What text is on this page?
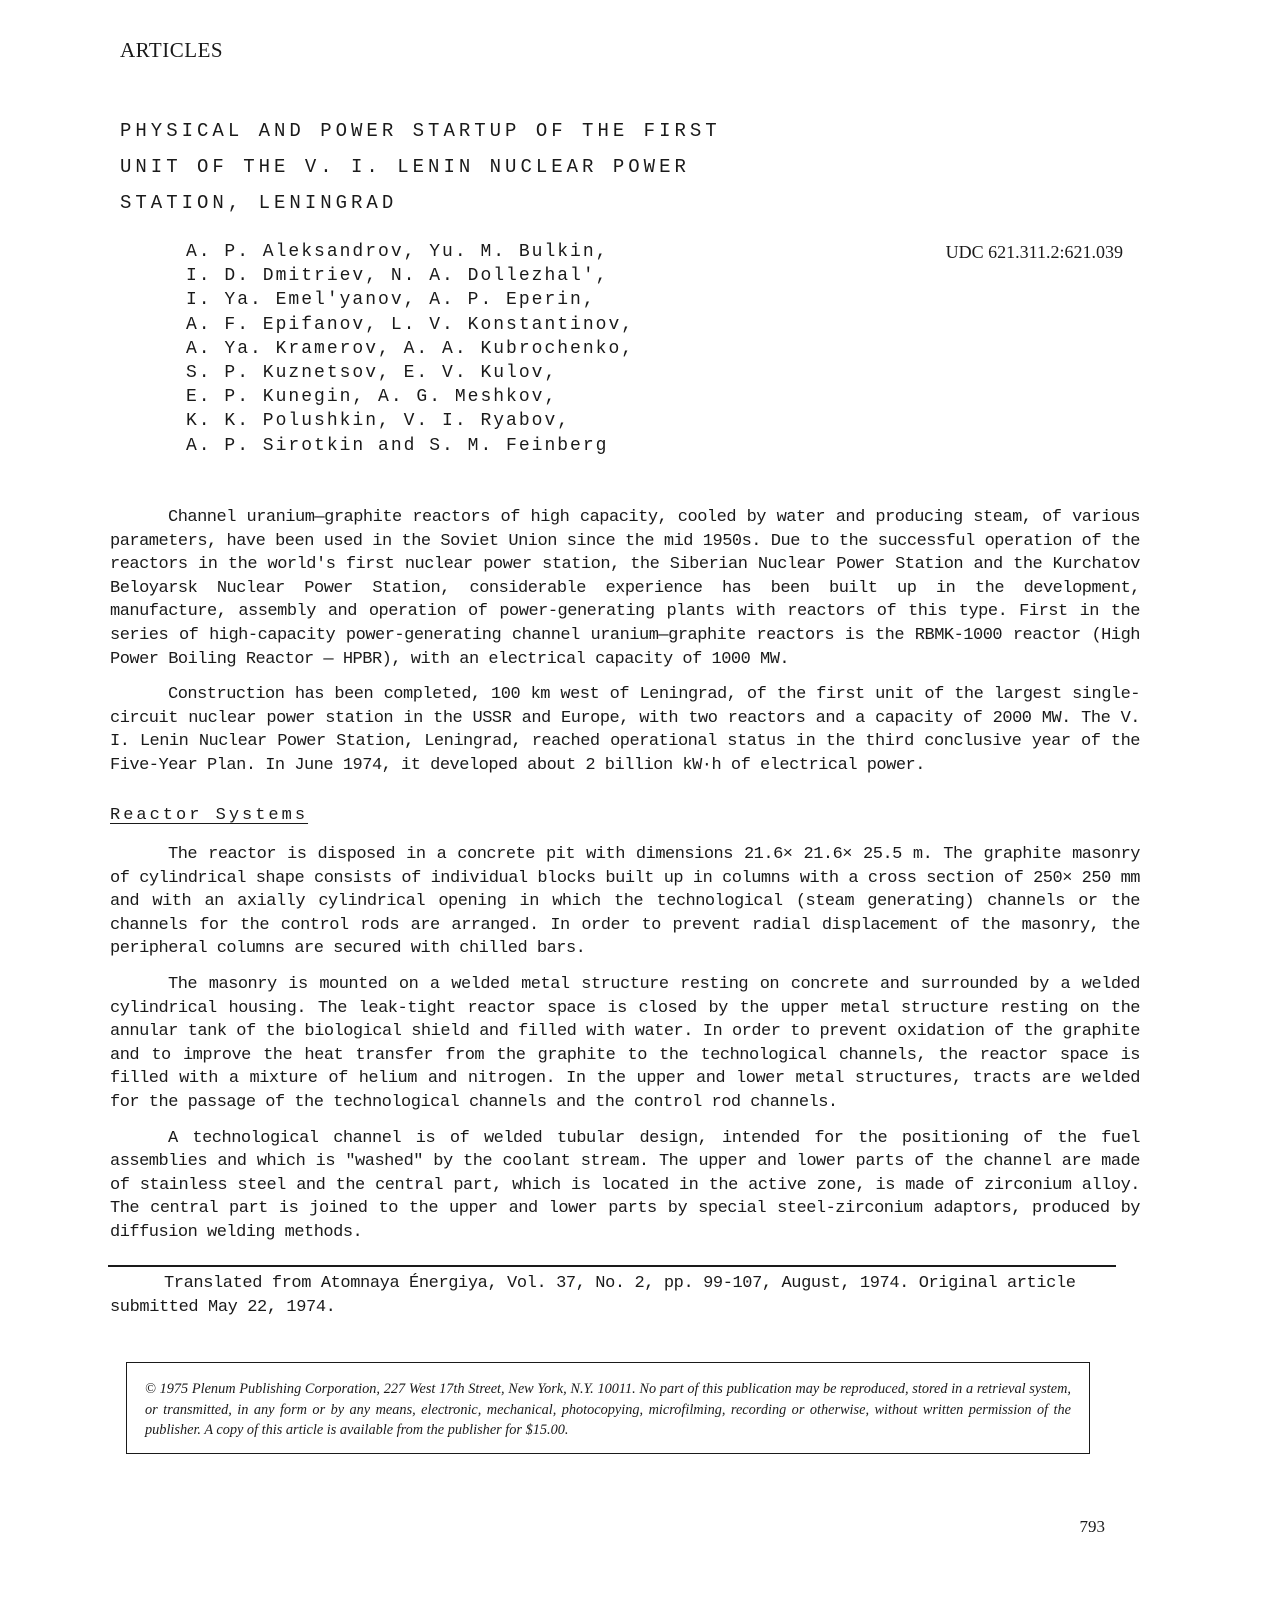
ARTICLES
PHYSICAL AND POWER STARTUP OF THE FIRST
UNIT OF THE V. I. LENIN NUCLEAR POWER
STATION, LENINGRAD
A. P. Aleksandrov, Yu. M. Bulkin,
I. D. Dmitriev, N. A. Dollezhal',
I. Ya. Emel'yanov, A. P. Eperin,
A. F. Epifanov, L. V. Konstantinov,
A. Ya. Kramerov, A. A. Kubrochenko,
S. P. Kuznetsov, E. V. Kulov,
E. P. Kunegin, A. G. Meshkov,
K. K. Polushkin, V. I. Ryabov,
A. P. Sirotkin and S. M. Feinberg
UDC 621.311.2:621.039

Channel uranium—graphite reactors of high capacity, cooled by water and producing steam, of various parameters, have been used in the Soviet Union since the mid 1950s. Due to the successful operation of the reactors in the world's first nuclear power station, the Siberian Nuclear Power Station and the Kurchatov Beloyarsk Nuclear Power Station, considerable experience has been built up in the development, manufacture, assembly and operation of power-generating plants with reactors of this type. First in the series of high-capacity power-generating channel uranium—graphite reactors is the RBMK-1000 reactor (High Power Boiling Reactor — HPBR), with an electrical capacity of 1000 MW.

Construction has been completed, 100 km west of Leningrad, of the first unit of the largest single-circuit nuclear power station in the USSR and Europe, with two reactors and a capacity of 2000 MW. The V. I. Lenin Nuclear Power Station, Leningrad, reached operational status in the third conclusive year of the Five-Year Plan. In June 1974, it developed about 2 billion kW·h of electrical power.

Reactor Systems

The reactor is disposed in a concrete pit with dimensions 21.6× 21.6× 25.5 m. The graphite masonry of cylindrical shape consists of individual blocks built up in columns with a cross section of 250× 250 mm and with an axially cylindrical opening in which the technological (steam generating) channels or the channels for the control rods are arranged. In order to prevent radial displacement of the masonry, the peripheral columns are secured with chilled bars.

The masonry is mounted on a welded metal structure resting on concrete and surrounded by a welded cylindrical housing. The leak-tight reactor space is closed by the upper metal structure resting on the annular tank of the biological shield and filled with water. In order to prevent oxidation of the graphite and to improve the heat transfer from the graphite to the technological channels, the reactor space is filled with a mixture of helium and nitrogen. In the upper and lower metal structures, tracts are welded for the passage of the technological channels and the control rod channels.

A technological channel is of welded tubular design, intended for the positioning of the fuel assemblies and which is "washed" by the coolant stream. The upper and lower parts of the channel are made of stainless steel and the central part, which is located in the active zone, is made of zirconium alloy. The central part is joined to the upper and lower parts by special steel-zirconium adaptors, produced by diffusion welding methods.

Translated from Atomnaya Énergiya, Vol. 37, No. 2, pp. 99-107, August, 1974. Original article submitted May 22, 1974.

© 1975 Plenum Publishing Corporation, 227 West 17th Street, New York, N.Y. 10011. No part of this publication may be reproduced, stored in a retrieval system, or transmitted, in any form or by any means, electronic, mechanical, photocopying, microfilming, recording or otherwise, without written permission of the publisher. A copy of this article is available from the publisher for $15.00.

793
